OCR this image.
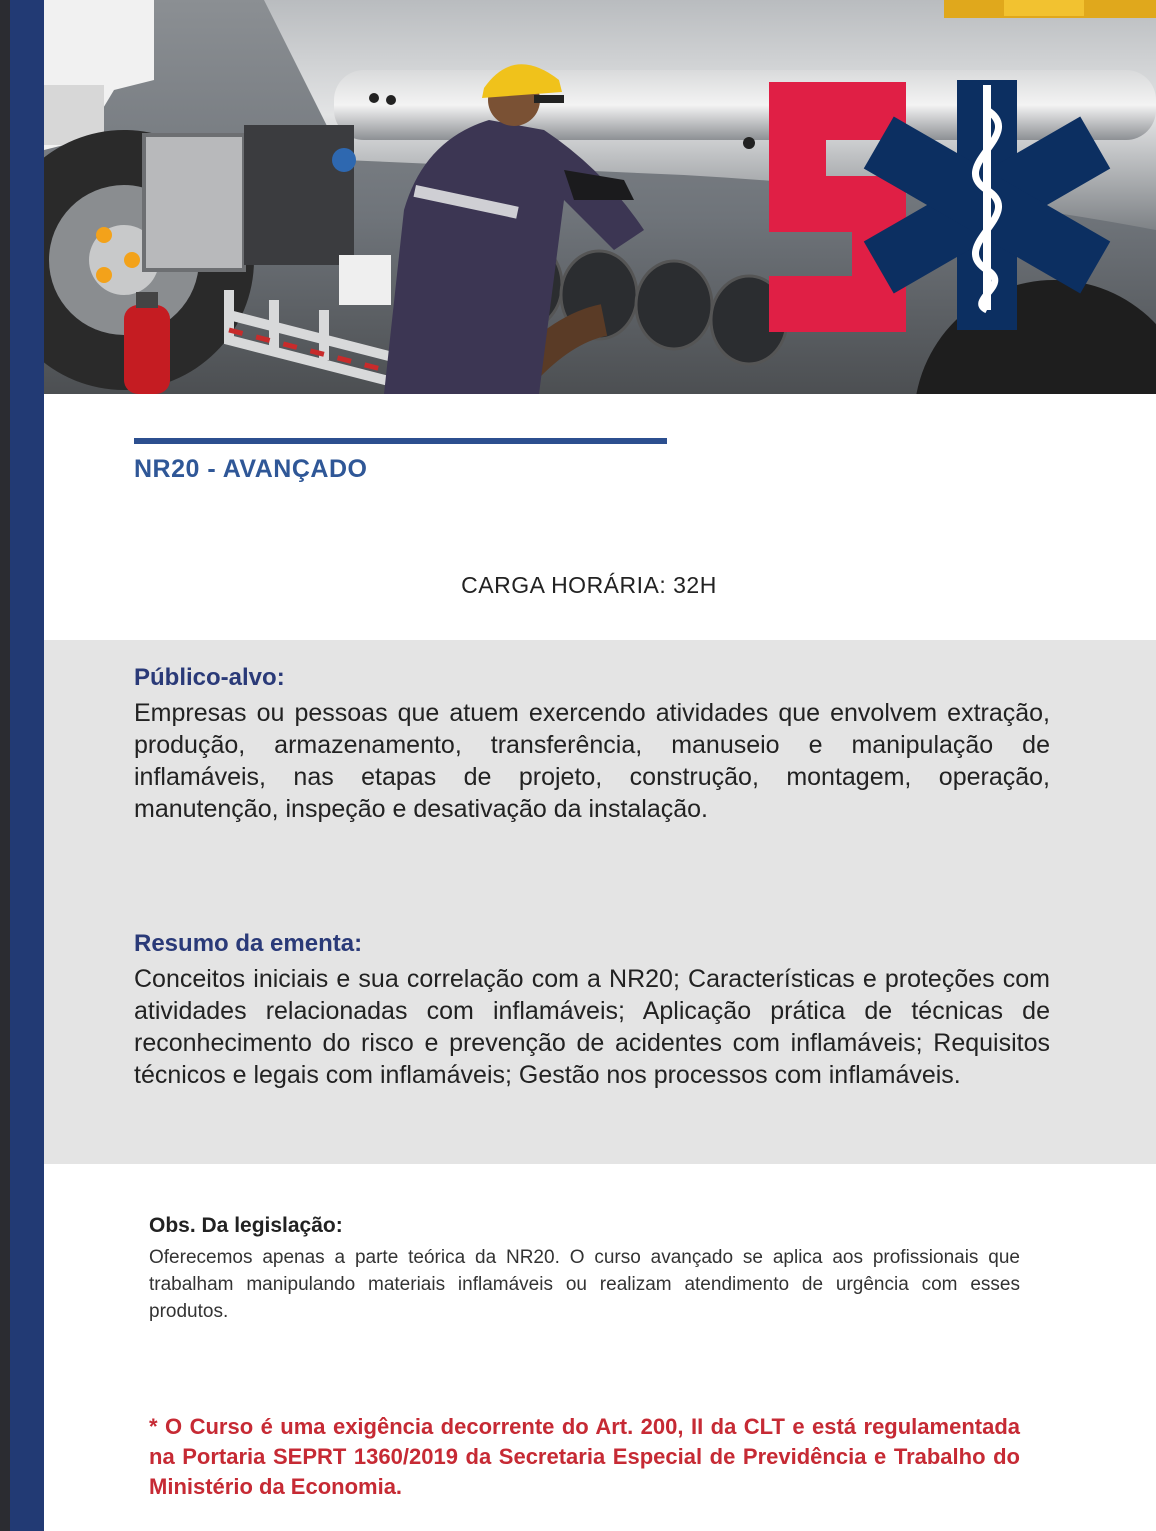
NR20 - AVANÇADO
CARGA HORÁRIA: 32H
Público-alvo:

Empresas ou pessoas que atuem exercendo atividades que envolvem extração, produção, armazenamento, transferência, manuseio e manipulação de inflamáveis, nas etapas de projeto, construção, montagem, operação, manutenção, inspeção e desativação da instalação.

Resumo da ementa:

Conceitos iniciais e sua correlação com a NR20; Características e proteções com atividades relacionadas com inflamáveis; Aplicação prática de técnicas de reconhecimento do risco e prevenção de acidentes com inflamáveis; Requisitos técnicos e legais com inflamáveis; Gestão nos processos com inflamáveis.

Obs. Da legislação:

Oferecemos apenas a parte teórica da NR20. O curso avançado se aplica aos profissionais que trabalham manipulando materiais inflamáveis ou realizam atendimento de urgência com esses produtos.

* O Curso é uma exigência decorrente do Art. 200, II da CLT e está regulamentada na Portaria SEPRT 1360/2019 da Secretaria Especial de Previdência e Trabalho do Ministério da Economia.
